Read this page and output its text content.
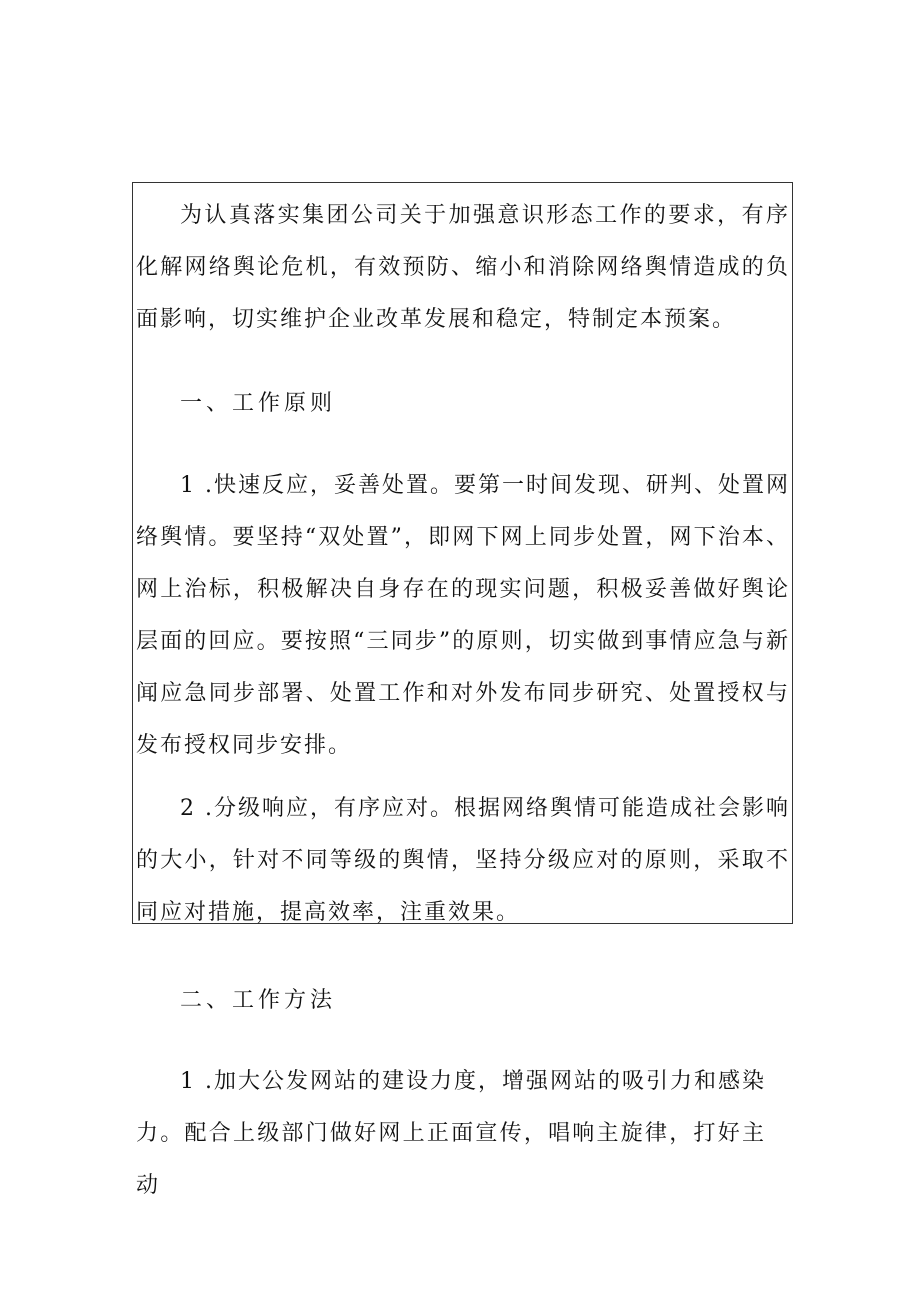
为认真落实集团公司关于加强意识形态工作的要求，有序化解网络舆论危机，有效预防、缩小和消除网络舆情造成的负面影响，切实维护企业改革发展和稳定，特制定本预案。

一、工作原则

1 .快速反应，妥善处置。要第一时间发现、研判、处置网络舆情。要坚持“双处置”，即网下网上同步处置，网下治本、网上治标，积极解决自身存在的现实问题，积极妥善做好舆论层面的回应。要按照“三同步”的原则，切实做到事情应急与新闻应急同步部署、处置工作和对外发布同步研究、处置授权与发布授权同步安排。

2 .分级响应，有序应对。根据网络舆情可能造成社会影响的大小，针对不同等级的舆情，坚持分级应对的原则，采取不同应对措施，提高效率，注重效果。

二、工作方法

1 .加大公发网站的建设力度，增强网站的吸引力和感染力。配合上级部门做好网上正面宣传，唱响主旋律，打好主动
